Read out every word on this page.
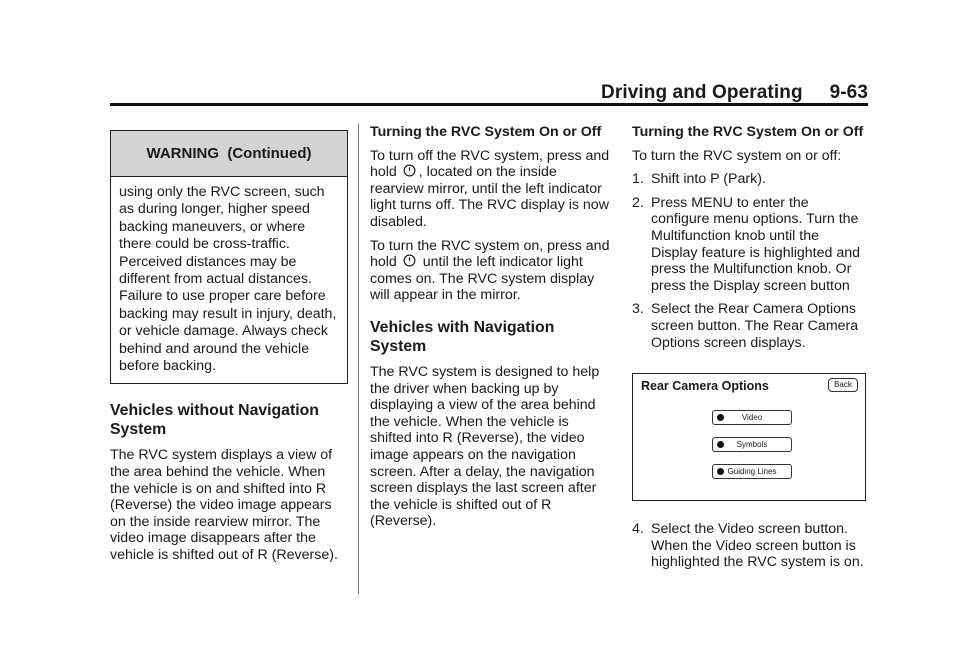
Driving and Operating 9-63
WARNING  (Continued)
using only the RVC screen, such as during longer, higher speed backing maneuvers, or where there could be cross-traffic. Perceived distances may be different from actual distances. Failure to use proper care before backing may result in injury, death, or vehicle damage. Always check behind and around the vehicle before backing.
Vehicles without Navigation System

The RVC system displays a view of the area behind the vehicle. When the vehicle is on and shifted into R (Reverse) the video image appears on the inside rearview mirror. The video image disappears after the vehicle is shifted out of R (Reverse).

Turning the RVC System On or Off

To turn off the RVC system, press and hold , located on the inside rearview mirror, until the left indicator light turns off. The RVC display is now disabled.

To turn the RVC system on, press and hold until the left indicator light comes on. The RVC system display will appear in the mirror.

Vehicles with Navigation System

The RVC system is designed to help the driver when backing up by displaying a view of the area behind the vehicle. When the vehicle is shifted into R (Reverse), the video image appears on the navigation screen. After a delay, the navigation screen displays the last screen after the vehicle is shifted out of R (Reverse).

Turning the RVC System On or Off

To turn the RVC system on or off:

1. Shift into P (Park).
2. Press MENU to enter the configure menu options. Turn the Multifunction knob until the Display feature is highlighted and press the Multifunction knob. Or press the Display screen button
3. Select the Rear Camera Options screen button. The Rear Camera Options screen displays.
Rear Camera Options	Back
Video
Symbols
Guiding Lines
4. Select the Video screen button. When the Video screen button is highlighted the RVC system is on.
